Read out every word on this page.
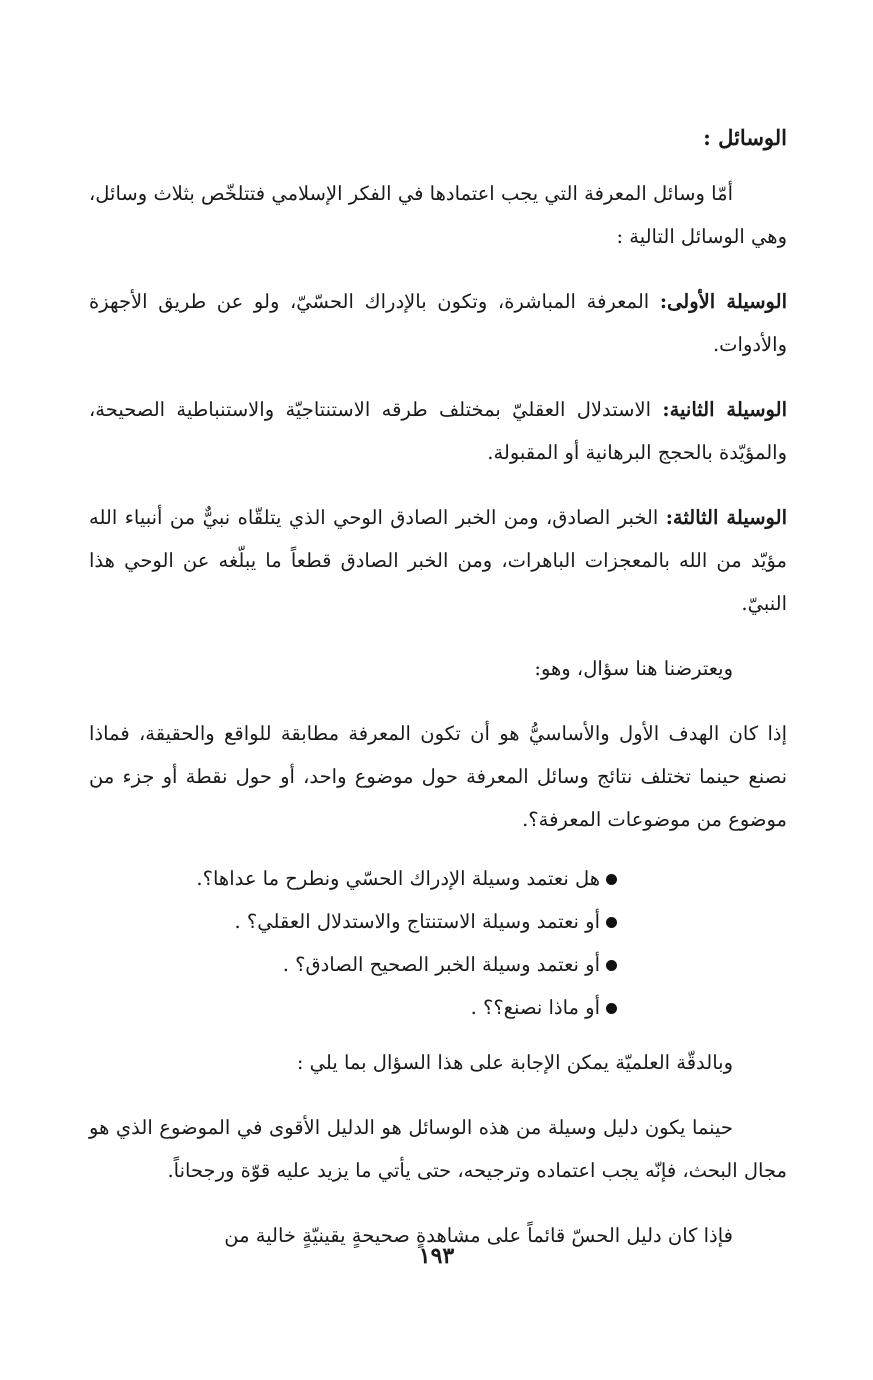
الوسائل :

أمّا وسائل المعرفة التي يجب اعتمادها في الفكر الإسلامي فتتلخّص بثلاث وسائل، وهي الوسائل التالية :

الوسيلة الأولى: المعرفة المباشرة، وتكون بالإدراك الحسّيّ، ولو عن طريق الأجهزة والأدوات.

الوسيلة الثانية: الاستدلال العقليّ بمختلف طرقه الاستنتاجيّة والاستنباطية الصحيحة، والمؤيّدة بالحجج البرهانية أو المقبولة.

الوسيلة الثالثة: الخبر الصادق، ومن الخبر الصادق الوحي الذي يتلقّاه نبيٌّ من أنبياء الله مؤيّد من الله بالمعجزات الباهرات، ومن الخبر الصادق قطعاً ما يبلّغه عن الوحي هذا النبيّ.

ويعترضنا هنا سؤال، وهو:

إذا كان الهدف الأول والأساسيُّ هو أن تكون المعرفة مطابقة للواقع والحقيقة، فماذا نصنع حينما تختلف نتائج وسائل المعرفة حول موضوع واحد، أو حول نقطة أو جزء من موضوع من موضوعات المعرفة؟.

هل نعتمد وسيلة الإدراك الحسّي ونطرح ما عداها؟.
أو نعتمد وسيلة الاستنتاج والاستدلال العقلي؟ .
أو نعتمد وسيلة الخبر الصحيح الصادق؟ .
أو ماذا نصنع؟؟ .

وبالدقّة العلميّة يمكن الإجابة على هذا السؤال بما يلي :

حينما يكون دليل وسيلة من هذه الوسائل هو الدليل الأقوى في الموضوع الذي هو مجال البحث، فإنّه يجب اعتماده وترجيحه، حتى يأتي ما يزيد عليه قوّة ورجحاناً.

فإذا كان دليل الحسّ قائماً على مشاهدةٍ صحيحةٍ يقينيّةٍ خالية من

١٩٣
